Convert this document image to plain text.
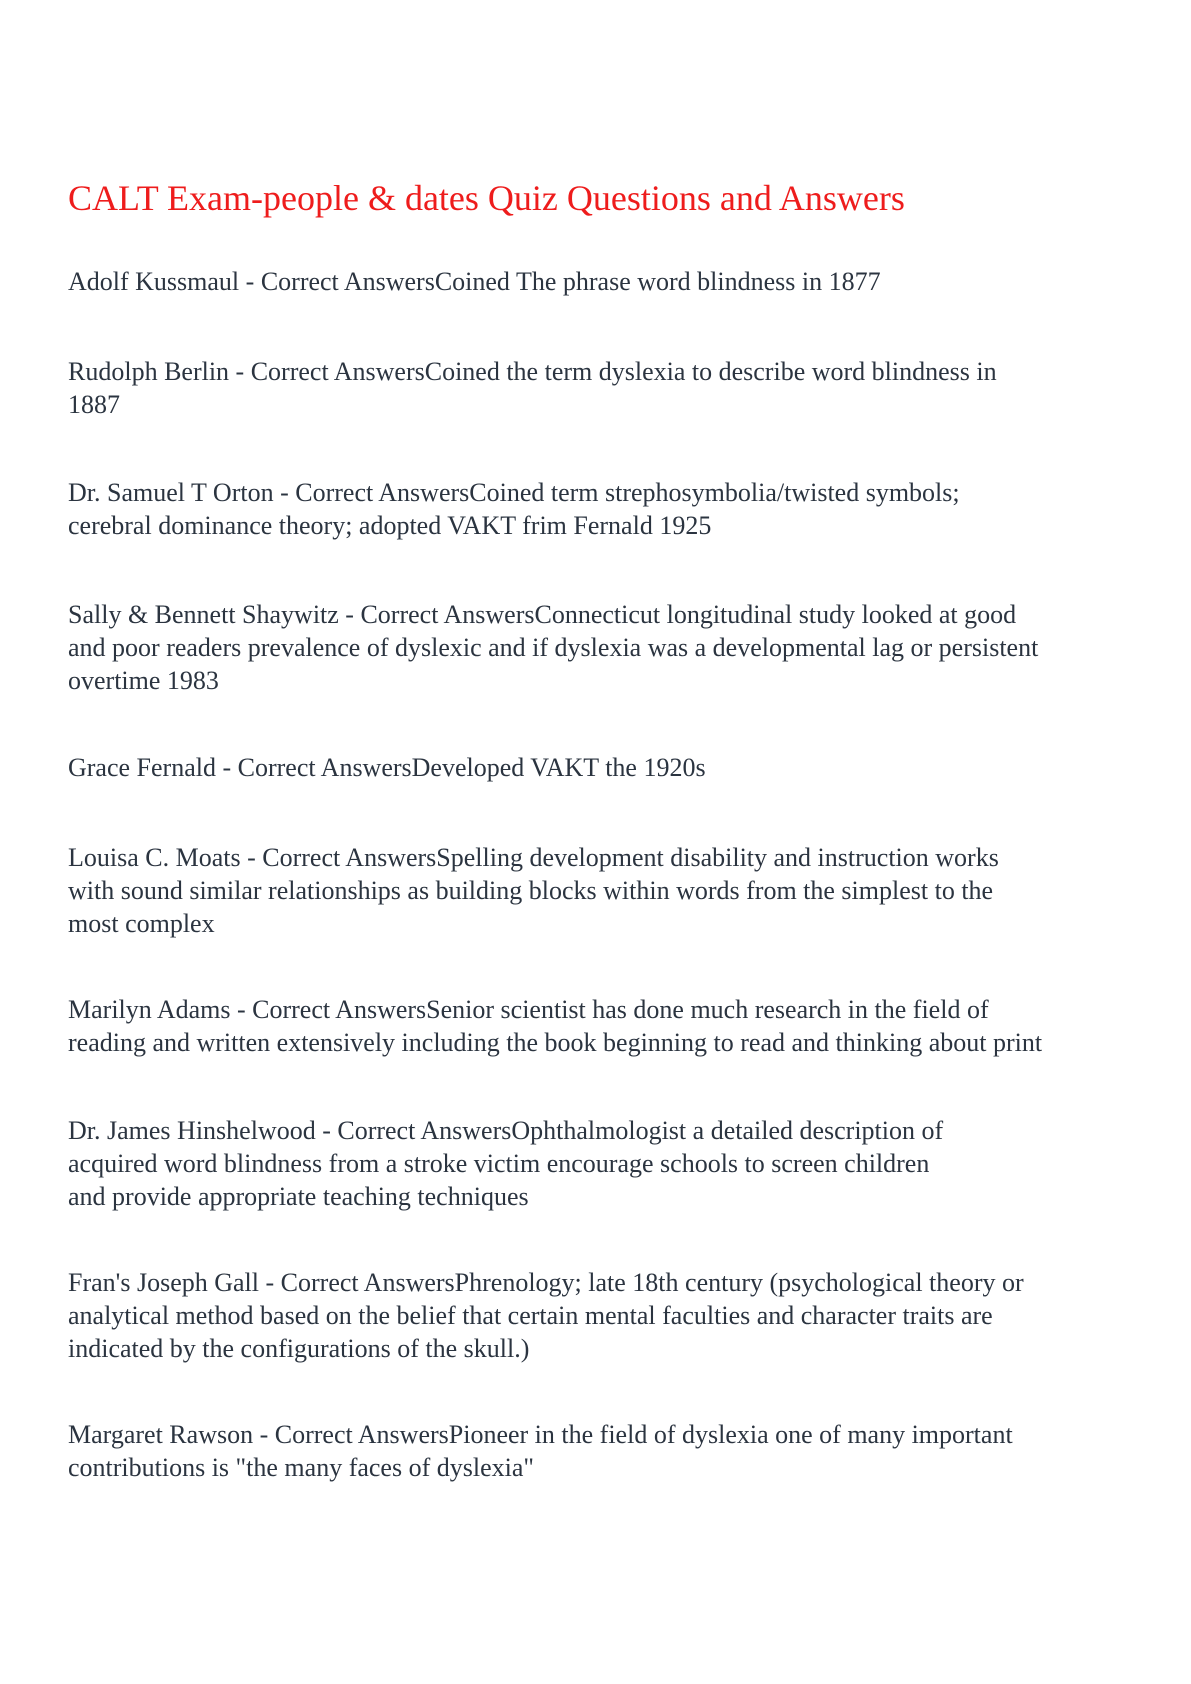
CALT Exam-people & dates Quiz Questions and Answers

Adolf Kussmaul - Correct AnswersCoined The phrase word blindness in 1877

Rudolph Berlin - Correct AnswersCoined the term dyslexia to describe word blindness in
1887

Dr. Samuel T Orton - Correct AnswersCoined term strephosymbolia/twisted symbols;
cerebral dominance theory; adopted VAKT frim Fernald 1925

Sally & Bennett Shaywitz - Correct AnswersConnecticut longitudinal study looked at good
and poor readers prevalence of dyslexic and if dyslexia was a developmental lag or persistent
overtime 1983

Grace Fernald - Correct AnswersDeveloped VAKT the 1920s

Louisa C. Moats - Correct AnswersSpelling development disability and instruction works
with sound similar relationships as building blocks within words from the simplest to the
most complex

Marilyn Adams - Correct AnswersSenior scientist has done much research in the field of
reading and written extensively including the book beginning to read and thinking about print

Dr. James Hinshelwood - Correct AnswersOphthalmologist a detailed description of
acquired word blindness from a stroke victim encourage schools to screen children
and provide appropriate teaching techniques

Fran's Joseph Gall - Correct AnswersPhrenology; late 18th century (psychological theory or
analytical method based on the belief that certain mental faculties and character traits are
indicated by the configurations of the skull.)

Margaret Rawson - Correct AnswersPioneer in the field of dyslexia one of many important
contributions is "the many faces of dyslexia"
